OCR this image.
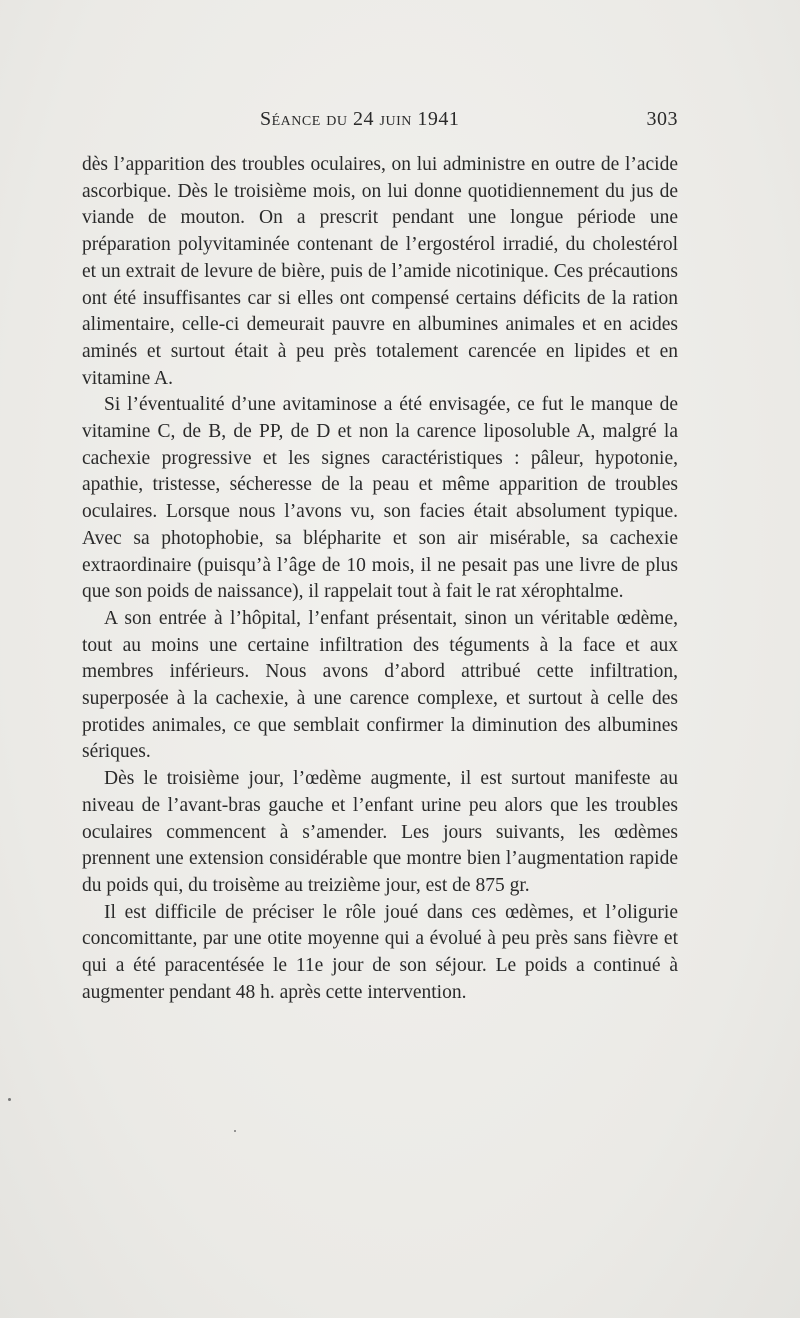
Séance du 24 juin 1941	303

dès l’apparition des troubles oculaires, on lui administre en outre de l’acide ascorbique. Dès le troisième mois, on lui donne quotidiennement du jus de viande de mouton. On a prescrit pendant une longue période une préparation polyvitaminée contenant de l’ergostérol irradié, du cholestérol et un extrait de levure de bière, puis de l’amide nicotinique. Ces précautions ont été insuffisantes car si elles ont compensé certains déficits de la ration alimentaire, celle-ci demeurait pauvre en albumines animales et en acides aminés et surtout était à peu près totalement carencée en lipides et en vitamine A.

Si l’éventualité d’une avitaminose a été envisagée, ce fut le manque de vitamine C, de B, de PP, de D et non la carence liposoluble A, malgré la cachexie progressive et les signes caractéristiques : pâleur, hypotonie, apathie, tristesse, sécheresse de la peau et même apparition de troubles oculaires. Lorsque nous l’avons vu, son facies était absolument typique. Avec sa photophobie, sa blépharite et son air misérable, sa cachexie extraordinaire (puisqu’à l’âge de 10 mois, il ne pesait pas une livre de plus que son poids de naissance), il rappelait tout à fait le rat xérophtalme.

A son entrée à l’hôpital, l’enfant présentait, sinon un véritable œdème, tout au moins une certaine infiltration des téguments à la face et aux membres inférieurs. Nous avons d’abord attribué cette infiltration, superposée à la cachexie, à une carence complexe, et surtout à celle des protides animales, ce que semblait confirmer la diminution des albumines sériques.

Dès le troisième jour, l’œdème augmente, il est surtout manifeste au niveau de l’avant-bras gauche et l’enfant urine peu alors que les troubles oculaires commencent à s’amender. Les jours suivants, les œdèmes prennent une extension considérable que montre bien l’augmentation rapide du poids qui, du troisème au treizième jour, est de 875 gr.

Il est difficile de préciser le rôle joué dans ces œdèmes, et l’oligurie concomittante, par une otite moyenne qui a évolué à peu près sans fièvre et qui a été paracentésée le 11e jour de son séjour. Le poids a continué à augmenter pendant 48 h. après cette intervention.
